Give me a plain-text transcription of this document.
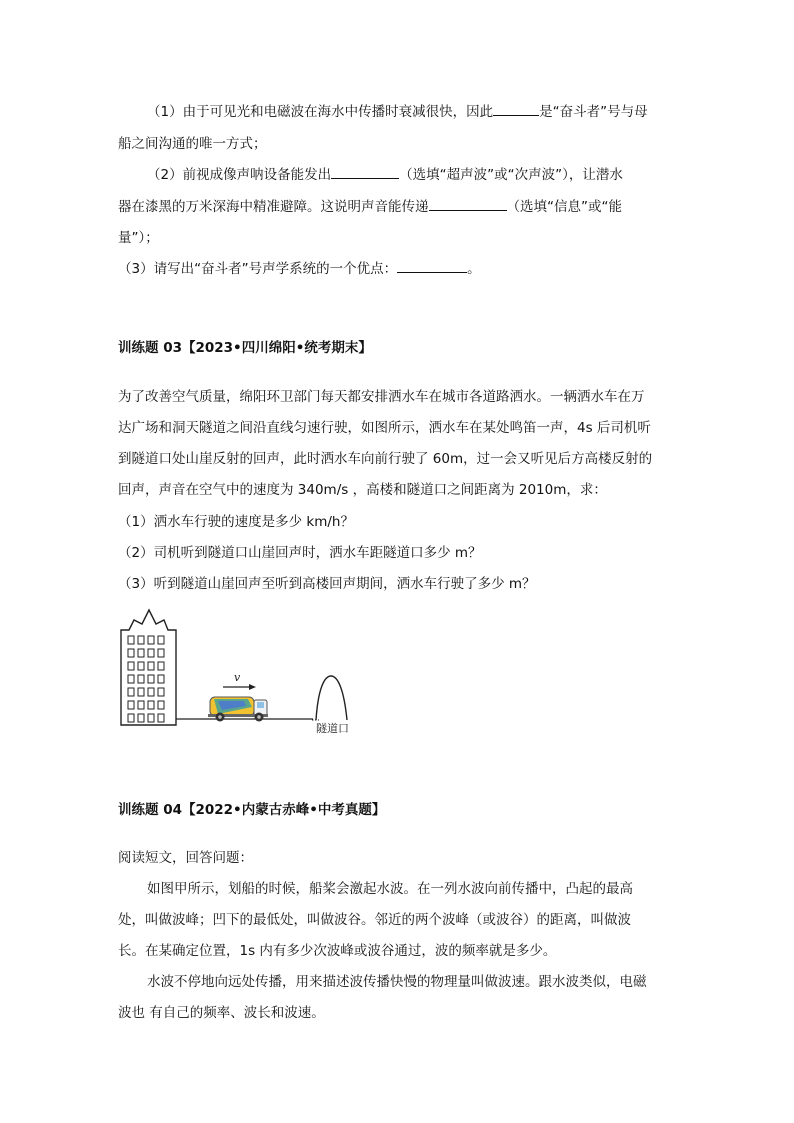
（1）由于可见光和电磁波在海水中传播时衰减很快，因此	是“奋斗者”号与母
船之间沟通的唯一方式；
（2）前视成像声呐设备能发出	（选填“超声波”或“次声波”），让潜水
器在漆黑的万米深海中精准避障。这说明声音能传递	（选填“信息”或“能
量”）；
（3）请写出“奋斗者”号声学系统的一个优点：	。
训练题 03【2023•四川绵阳•统考期末】
为了改善空气质量，绵阳环卫部门每天都安排洒水车在城市各道路洒水。一辆洒水车在万
达广场和洞天隧道之间沿直线匀速行驶，如图所示，洒水车在某处鸣笛一声，4s 后司机听
到隧道口处山崖反射的回声，此时洒水车向前行驶了 60m，过一会又听见后方高楼反射的
回声，声音在空气中的速度为 340m/s ，高楼和隧道口之间距离为 2010m，求：
（1）洒水车行驶的速度是多少 km/h？
（2）司机听到隧道口山崖回声时，洒水车距隧道口多少 m？
（3）听到隧道山崖回声至听到高楼回声期间，洒水车行驶了多少 m？
v
隧道口
训练题 04【2022•内蒙古赤峰•中考真题】
阅读短文，回答问题：
如图甲所示，划船的时候，船桨会激起水波。在一列水波向前传播中，凸起的最高
处，叫做波峰；凹下的最低处，叫做波谷。邻近的两个波峰（或波谷）的距离，叫做波
长。在某确定位置，1s 内有多少次波峰或波谷通过，波的频率就是多少。
水波不停地向远处传播，用来描述波传播快慢的物理量叫做波速。跟水波类似，电磁
波也 有自己的频率、波长和波速。
